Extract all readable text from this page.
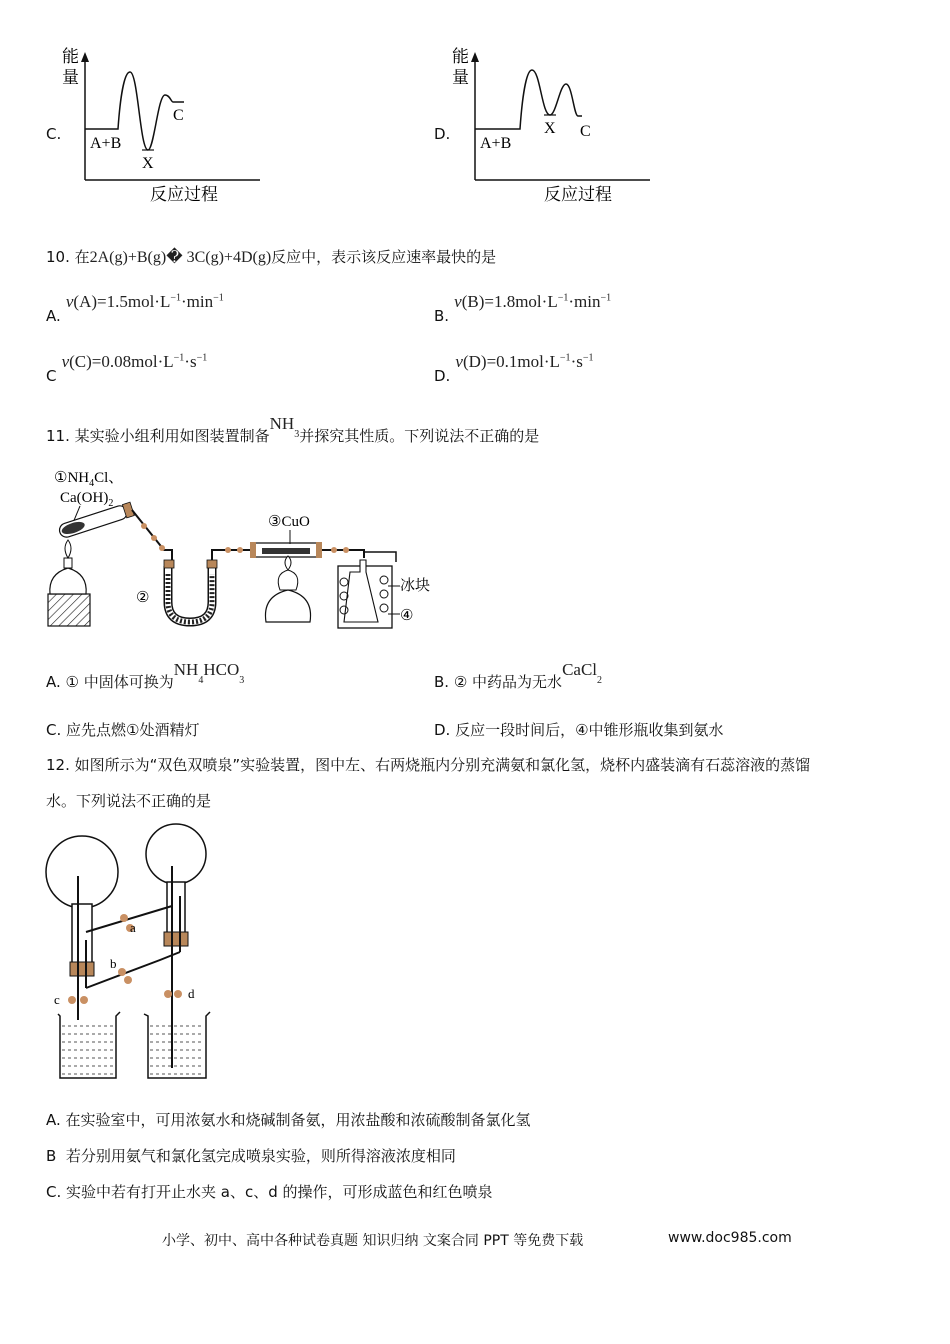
C.
能
量
A+B
X
C
反应过程
D.
能
量
A+B
X C
反应过程
10. 在2A(g)+B(g)� 3C(g)+4D(g)反应中，表示该反应速率最快的是
A. $v(A)=1.5mol\cdot L^{-1}\cdot\min^{-1}$
B. $v(B)=1.8mol\cdot L^{-1}\cdot\min^{-1}$
C $v(C)=0.08mol\cdot L^{-1}\cdot s^{-1}$
D. $v(D)=0.1mol\cdot L^{-1}\cdot s^{-1}$
11. 某实验小组利用如图装置制备$NH_3$并探究其性质。下列说法不正确的是
$①NH_4Cl$、
$Ca(OH)_2$
②
③CuO
冰块
④
A. ① 中固体可换为$NH_4HCO_3$	B. ② 中药品为无水CaCl$_2$
C. 应先点燃①处酒精灯	D. 反应一段时间后，④中锥形瓶收集到氨水
12. 如图所示为“双色双喷泉”实验装置，图中左、右两烧瓶内分别充满氨和氯化氢，烧杯内盛装滴有石蕊溶液的蒸馏
水。下列说法不正确的是
a
b
c	d
A. 在实验室中，可用浓氨水和烧碱制备氨，用浓盐酸和浓硫酸制备氯化氢
B 若分别用氨气和氯化氢完成喷泉实验，则所得溶液浓度相同
C. 实验中若有打开止水夹 a、c、d 的操作，可形成蓝色和红色喷泉
小学、初中、高中各种试卷真题 知识归纳 文案合同 PPT 等免费下载	www.doc985.com
